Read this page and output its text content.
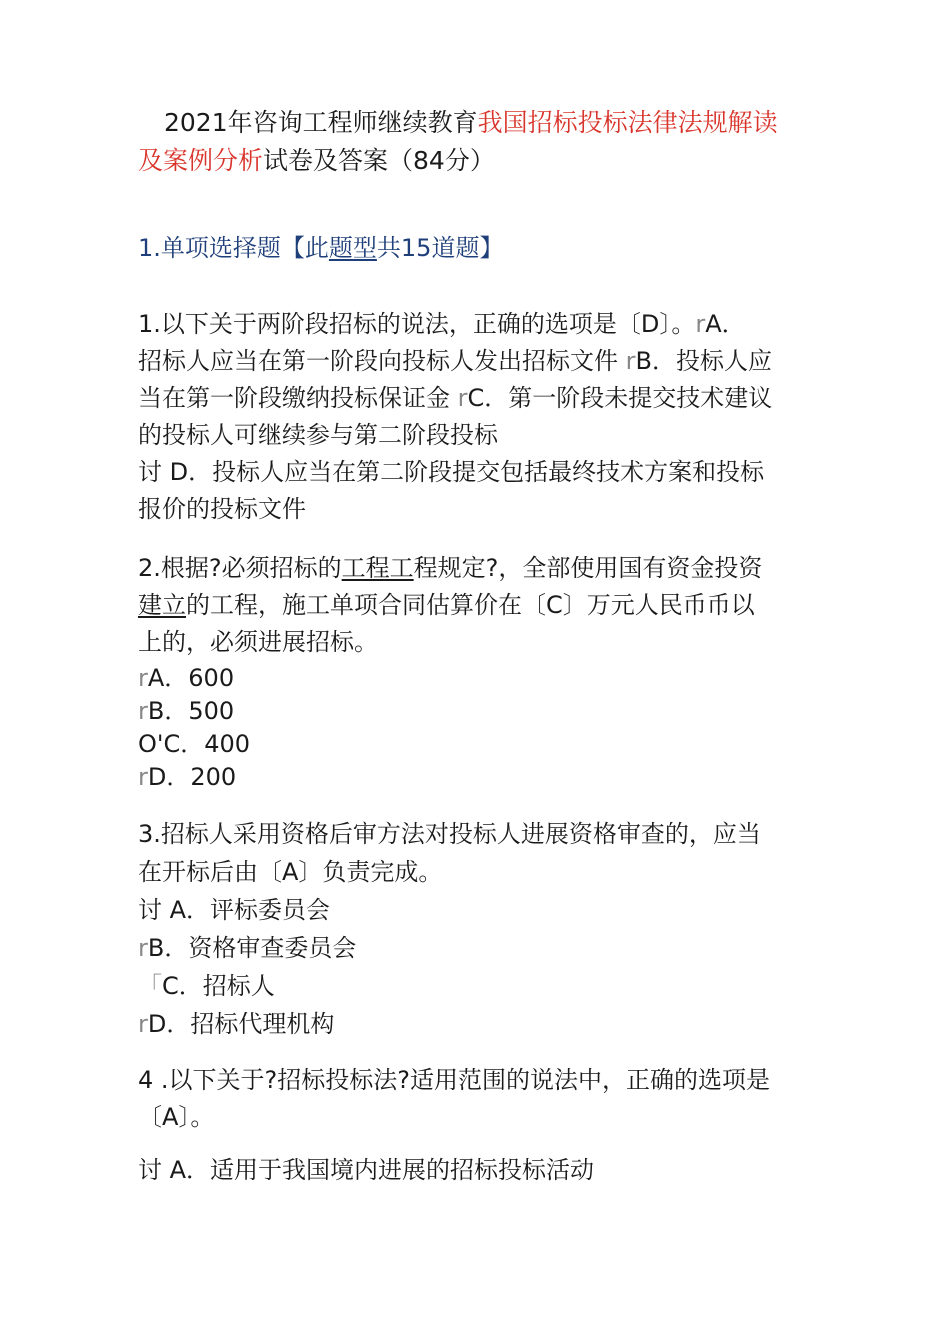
2021年咨询工程师继续教育我国招标投标法律法规解读
及案例分析试卷及答案（84分）
1.单项选择题【此题型共15道题】
1.以下关于两阶段招标的说法，正确的选项是〔D〕。rA．
招标人应当在第一阶段向投标人发出招标文件 rB．投标人应
当在第一阶段缴纳投标保证金 rC．第一阶段未提交技术建议
的投标人可继续参与第二阶段投标
讨 D．投标人应当在第二阶段提交包括最终技术方案和投标
报价的投标文件
2.根据?必须招标的工程工程规定?，全部使用国有资金投资
建立的工程，施工单项合同估算价在〔C〕万元人民币币以
上的，必须进展招标。
rA．600
rB．500
O'C．400
rD．200
3.招标人采用资格后审方法对投标人进展资格审查的，应当
在开标后由〔A〕负责完成。
讨 A．评标委员会
rB．资格审查委员会
「C．招标人
rD．招标代理机构
4 .以下关于?招标投标法?适用范围的说法中，正确的选项是
〔A〕。
讨 A．适用于我国境内进展的招标投标活动
